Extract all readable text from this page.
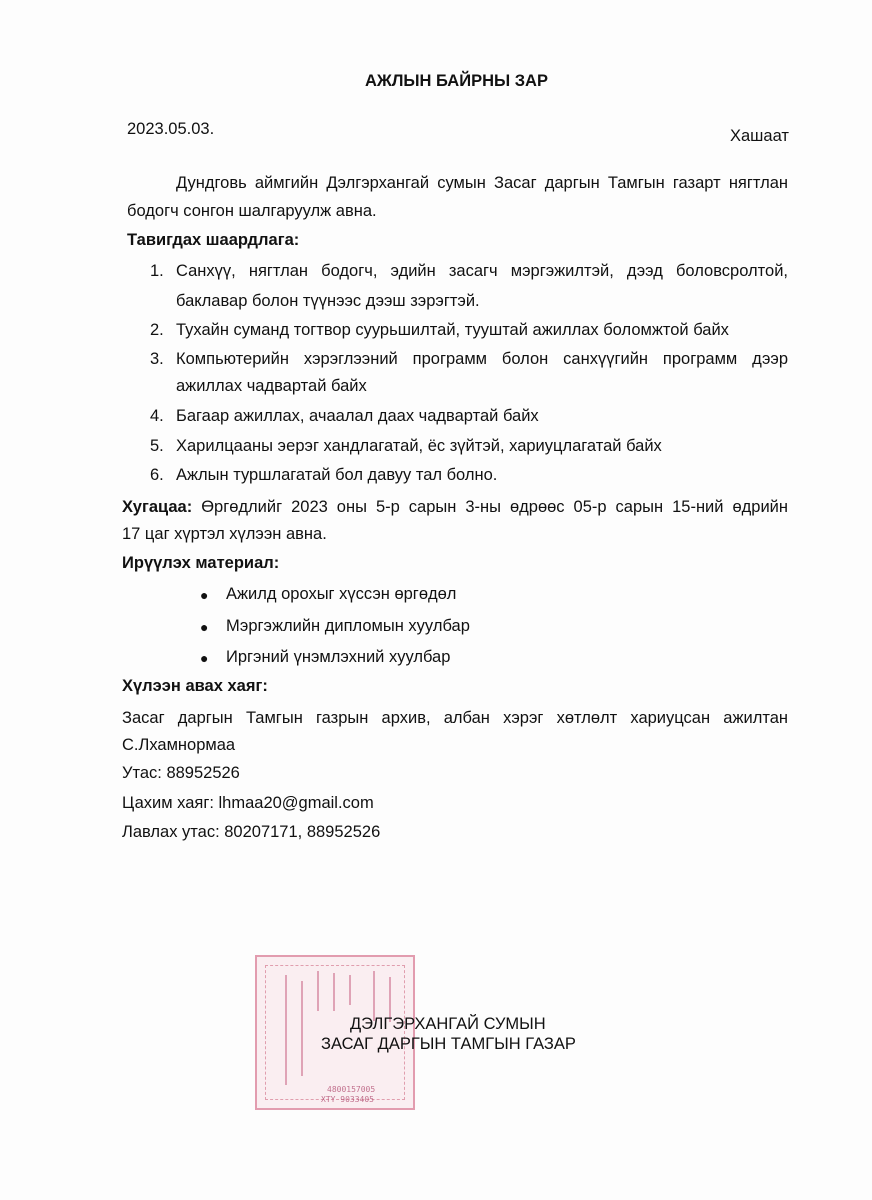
АЖЛЫН БАЙРНЫ ЗАР
2023.05.03.	Хашаат
Дундговь аймгийн Дэлгэрхангай сумын Засаг даргын Тамгын газарт нягтлан
бодогч сонгон шалгаруулж авна.
Тавигдах шаардлага:
1. Санхүү, нягтлан бодогч, эдийн засагч мэргэжилтэй, дээд боловсролтой,
баклавар болон түүнээс дээш зэрэгтэй.
2. Тухайн суманд тогтвор суурьшилтай, тууштай ажиллах боломжтой байх
3. Компьютерийн хэрэглээний программ болон санхүүгийн программ дээр
ажиллах чадвартай байх
4. Багаар ажиллах, ачаалал даах чадвартай байх
5. Харилцааны эерэг хандлагатай, ёс зүйтэй, хариуцлагатай байх
6. Ажлын туршлагатай бол давуу тал болно.
Хугацаа: Өргөдлийг 2023 оны 5-р сарын 3-ны өдрөөс 05-р сарын 15-ний өдрийн
17 цаг хүртэл хүлээн авна.
Ирүүлэх материал:
● Ажилд орохыг хүссэн өргөдөл
● Мэргэжлийн дипломын хуулбар
● Иргэний үнэмлэхний хуулбар
Хүлээн авах хаяг:
Засаг даргын Тамгын газрын архив, албан хэрэг хөтлөлт хариуцсан ажилтан
С.Лхамнормаа
Утас: 88952526
Цахим хаяг: lhmaa20@gmail.com
Лавлах утас: 80207171, 88952526
4800157005
ХТҮ 9033405
ДЭЛГЭРХАНГАЙ СУМЫН
ЗАСАГ ДАРГЫН ТАМГЫН ГАЗАР
